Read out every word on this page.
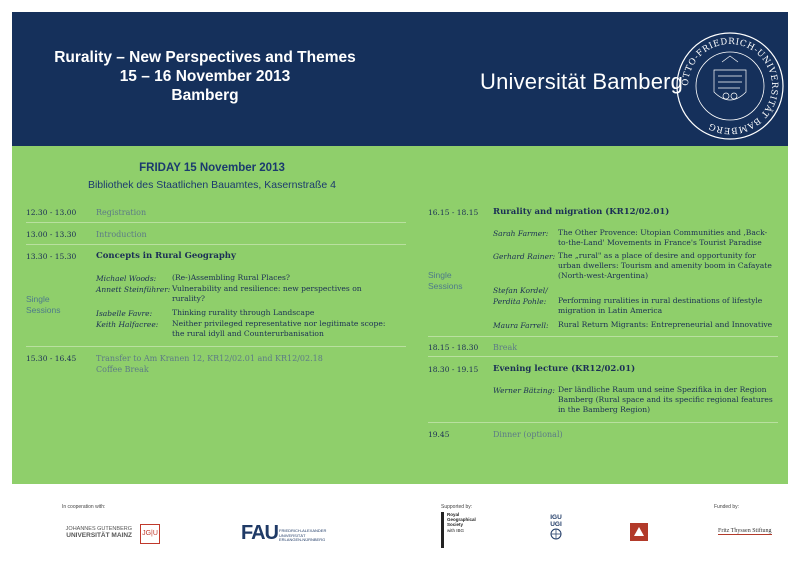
Rurality – New Perspectives and Themes
15 – 16 November 2013
Bamberg
Universität Bamberg
OTTO-FRIEDRICH-UNIVERSITÄT BAMBERG
FRIDAY 15 November 2013
Bibliothek des Staatlichen Bauamtes, Kasernstraße 4
12.30 - 13.00 Registration
13.00 - 13.30 Introduction
13.30 - 15.30 Concepts in Rural Geography
Single
Sessions
Michael Woods: (Re-)Assembling Rural Places?
Annett Steinführer: Vulnerability and resilience: new perspectives on rurality?
Isabelle Favre:	Thinking rurality through Landscape
Keith Halfacree: Neither privileged representative nor legitimate scope: the rural idyll and Counterurbanisation
15.30 - 16.45 Transfer to Am Kranen 12, KR12/02.01 and KR12/02.18
Coffee Break
16.15 - 18.15 Rurality and migration (KR12/02.01)
Single
Sessions
Sarah Farmer: The Other Provence: Utopian Communities and ‚Back-to-the-Land' Movements in France's Tourist Paradise
Gerhard Rainer: The „rural" as a place of desire and opportunity for urban dwellers: Tourism and amenity boom in Cafayate (North-west-Argentina)
Stefan Kordel/
Perdita Pohle: Performing ruralities in rural destinations of lifestyle migration in Latin America
Maura Farrell: Rural Return Migrants: Entrepreneurial and Innovative
18.15 - 18.30 Break
18.30 - 19.15 Evening lecture (KR12/02.01)
Werner Bätzing: Der ländliche Raum und seine Spezifika in der Region Bamberg (Rural space and its specific regional features in the Bamberg Region)
19.45	Dinner (optional)
In cooperation with:	Supported by:	Funded by:
JOHANNES GUTENBERG
UNIVERSITÄT MAINZ JG|U	FAU FRIEDRICH-ALEXANDER
UNIVERSITÄT
ERLANGEN-NÜRNBERG
Royal
Geographical
Society
with IBG
IGU
UGI
Fritz Thyssen Stiftung
